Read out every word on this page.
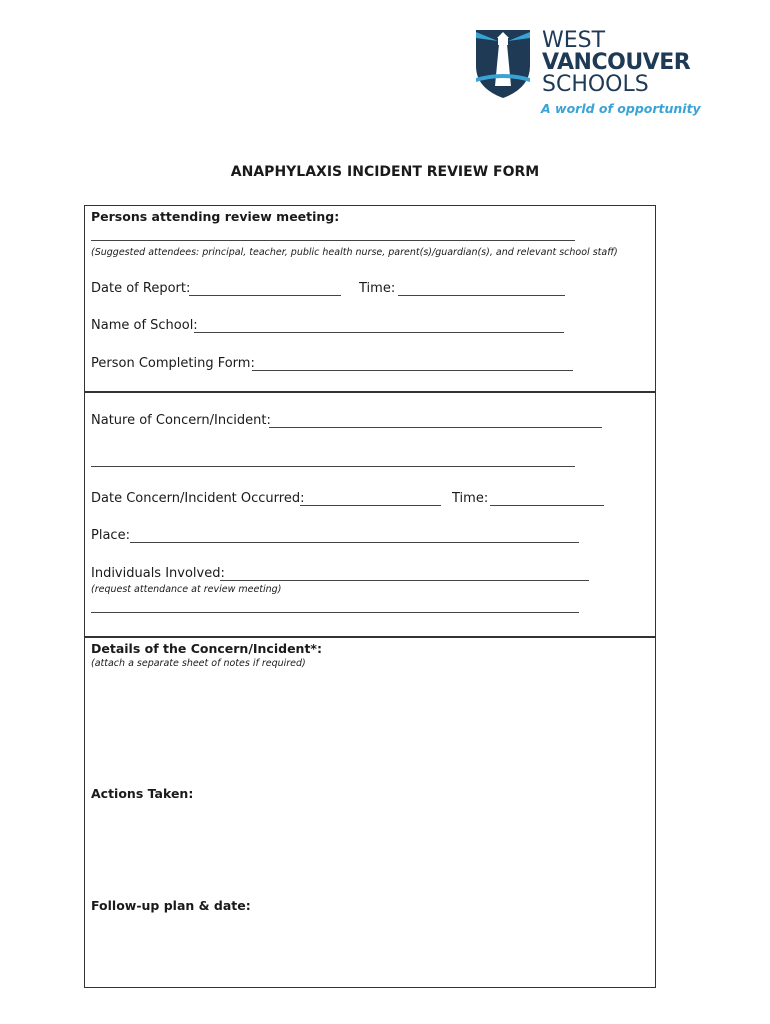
WEST
VANCOUVER
SCHOOLS
A world of opportunity
ANAPHYLAXIS INCIDENT REVIEW FORM
Persons attending review meeting:
(Suggested attendees: principal, teacher, public health nurse, parent(s)/guardian(s), and relevant school staff)
Date of Report:	Time:
Name of School:
Person Completing Form:
Nature of Concern/Incident:
Date Concern/Incident Occurred:	Time:
Place:
Individuals Involved:
(request attendance at review meeting)
Details of the Concern/Incident*:
(attach a separate sheet of notes if required)
Actions Taken:
Follow-up plan & date:
